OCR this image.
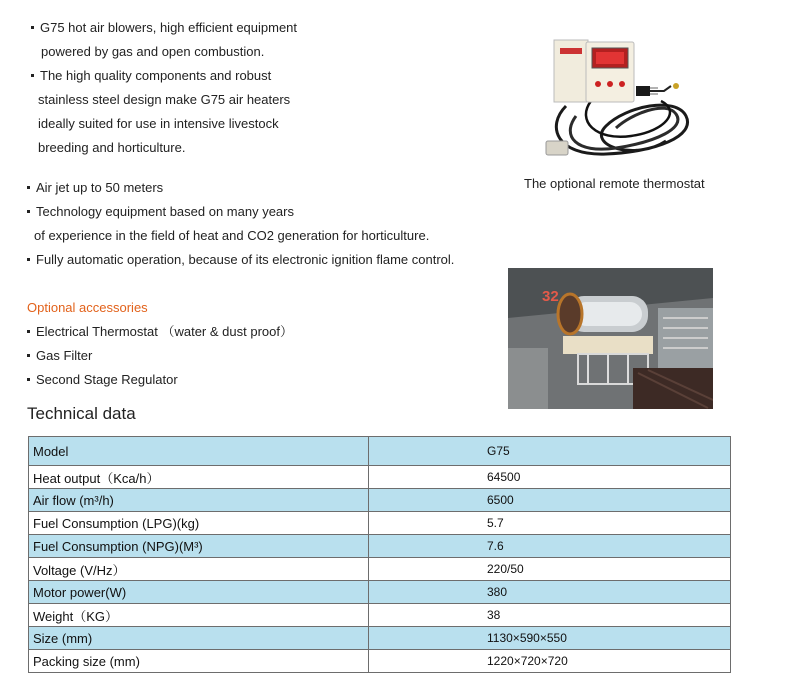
G75 hot air blowers, high efficient equipment
powered by gas and open combustion.
The high quality components and robust
stainless steel design make G75 air heaters
ideally suited for use in intensive livestock
breeding and horticulture.
Air jet up to 50 meters
Technology equipment based on many years
of experience in the field of heat and CO2 generation for horticulture.
Fully automatic operation, because of its electronic ignition flame control.
Optional accessories
Electrical Thermostat （water & dust proof）
Gas Filter
Second Stage Regulator
The optional remote thermostat
32
Technical data
Model	G75
Heat output（Kca/h）	64500
Air flow (m³/h)	6500
Fuel Consumption (LPG)(kg)	5.7
Fuel Consumption (NPG)(M³)	7.6
Voltage (V/Hz）	220/50
Motor power(W)	380
Weight（KG）	38
Size (mm)	1130×590×550
Packing size (mm)	1220×720×720
